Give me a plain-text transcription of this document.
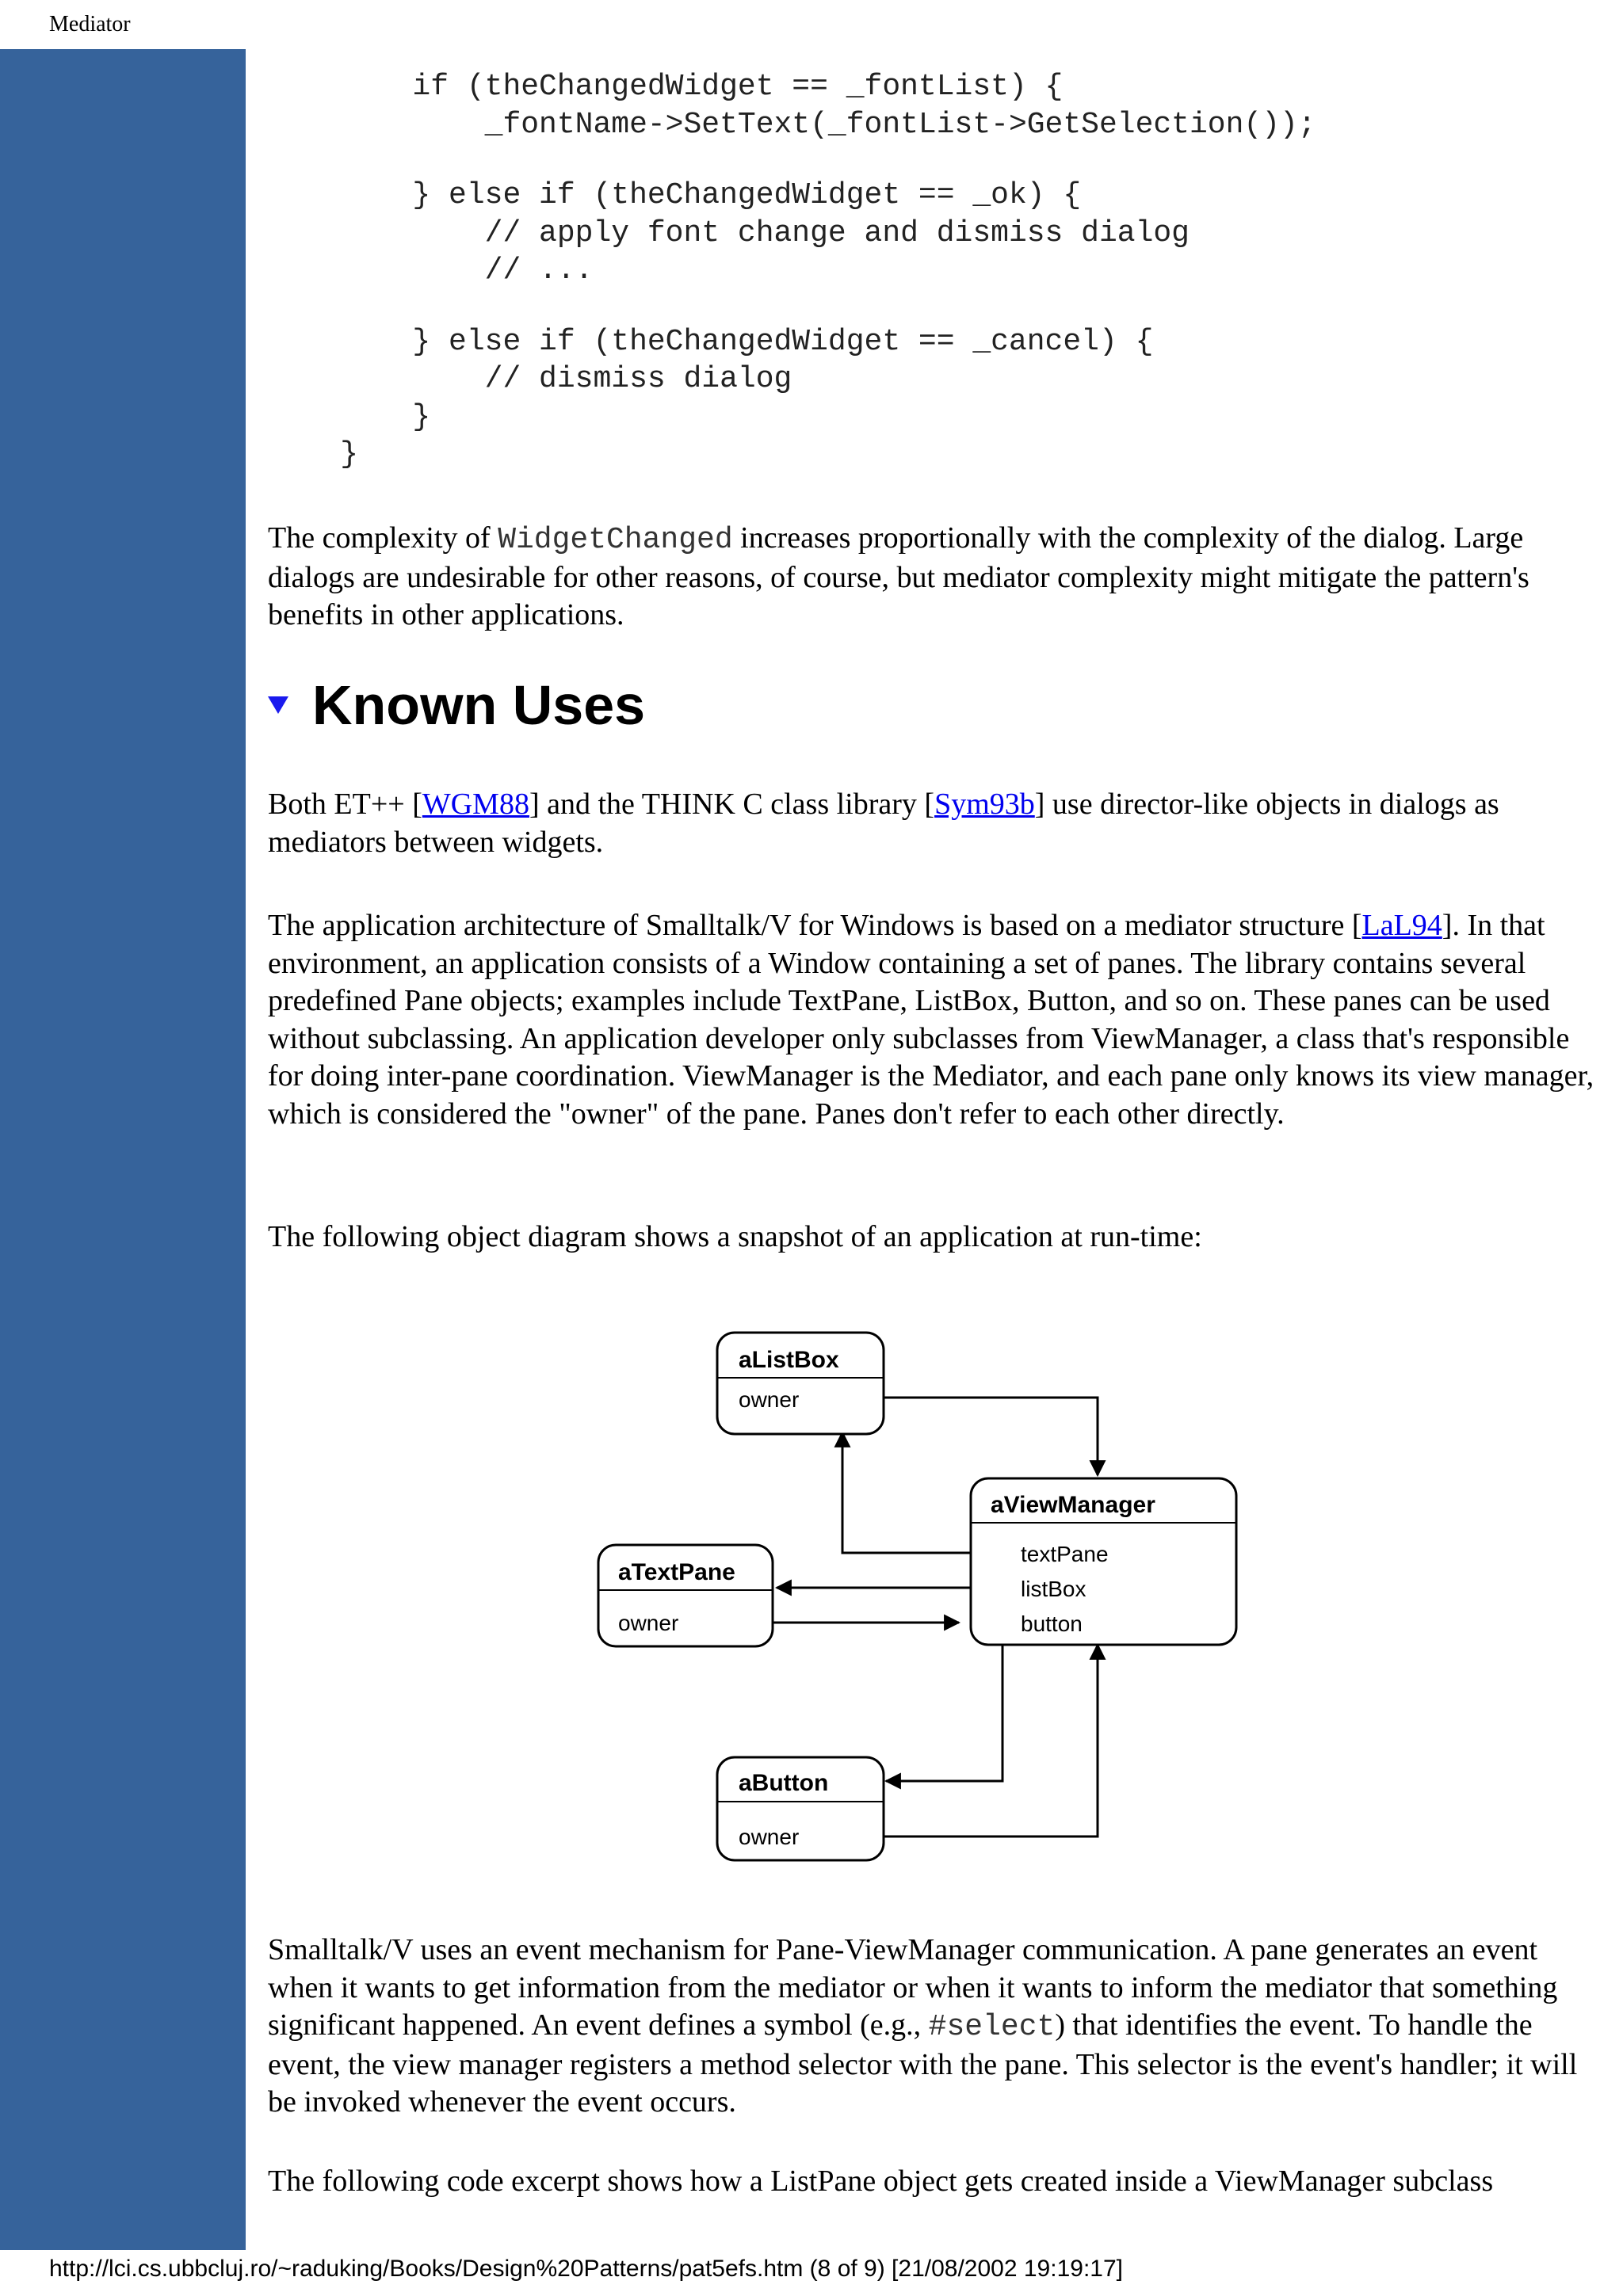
Mediator
if (theChangedWidget == _fontList) {
_fontName->SetText(_fontList->GetSelection());

} else if (theChangedWidget == _ok) {
// apply font change and dismiss dialog
// ...

} else if (theChangedWidget == _cancel) {
// dismiss dialog
}
}

The complexity of WidgetChanged increases proportionally with the complexity of the dialog. Large dialogs are undesirable for other reasons, of course, but mediator complexity might mitigate the pattern's benefits in other applications.

Known Uses

Both ET++ [WGM88] and the THINK C class library [Sym93b] use director-like objects in dialogs as mediators between widgets.

The application architecture of Smalltalk/V for Windows is based on a mediator structure [LaL94]. In that environment, an application consists of a Window containing a set of panes. The library contains several predefined Pane objects; examples include TextPane, ListBox, Button, and so on. These panes can be used without subclassing. An application developer only subclasses from ViewManager, a class that's responsible for doing inter-pane coordination. ViewManager is the Mediator, and each pane only knows its view manager, which is considered the "owner" of the pane. Panes don't refer to each other directly.

The following object diagram shows a snapshot of an application at run-time:

aListBox
owner
aViewManager
textPane
listBox
button
aTextPane
owner
aButton
owner

Smalltalk/V uses an event mechanism for Pane-ViewManager communication. A pane generates an event when it wants to get information from the mediator or when it wants to inform the mediator that something significant happened. An event defines a symbol (e.g., #select) that identifies the event. To handle the event, the view manager registers a method selector with the pane. This selector is the event's handler; it will be invoked whenever the event occurs.

The following code excerpt shows how a ListPane object gets created inside a ViewManager subclass

http://lci.cs.ubbcluj.ro/~raduking/Books/Design%20Patterns/pat5efs.htm (8 of 9) [21/08/2002 19:19:17]
